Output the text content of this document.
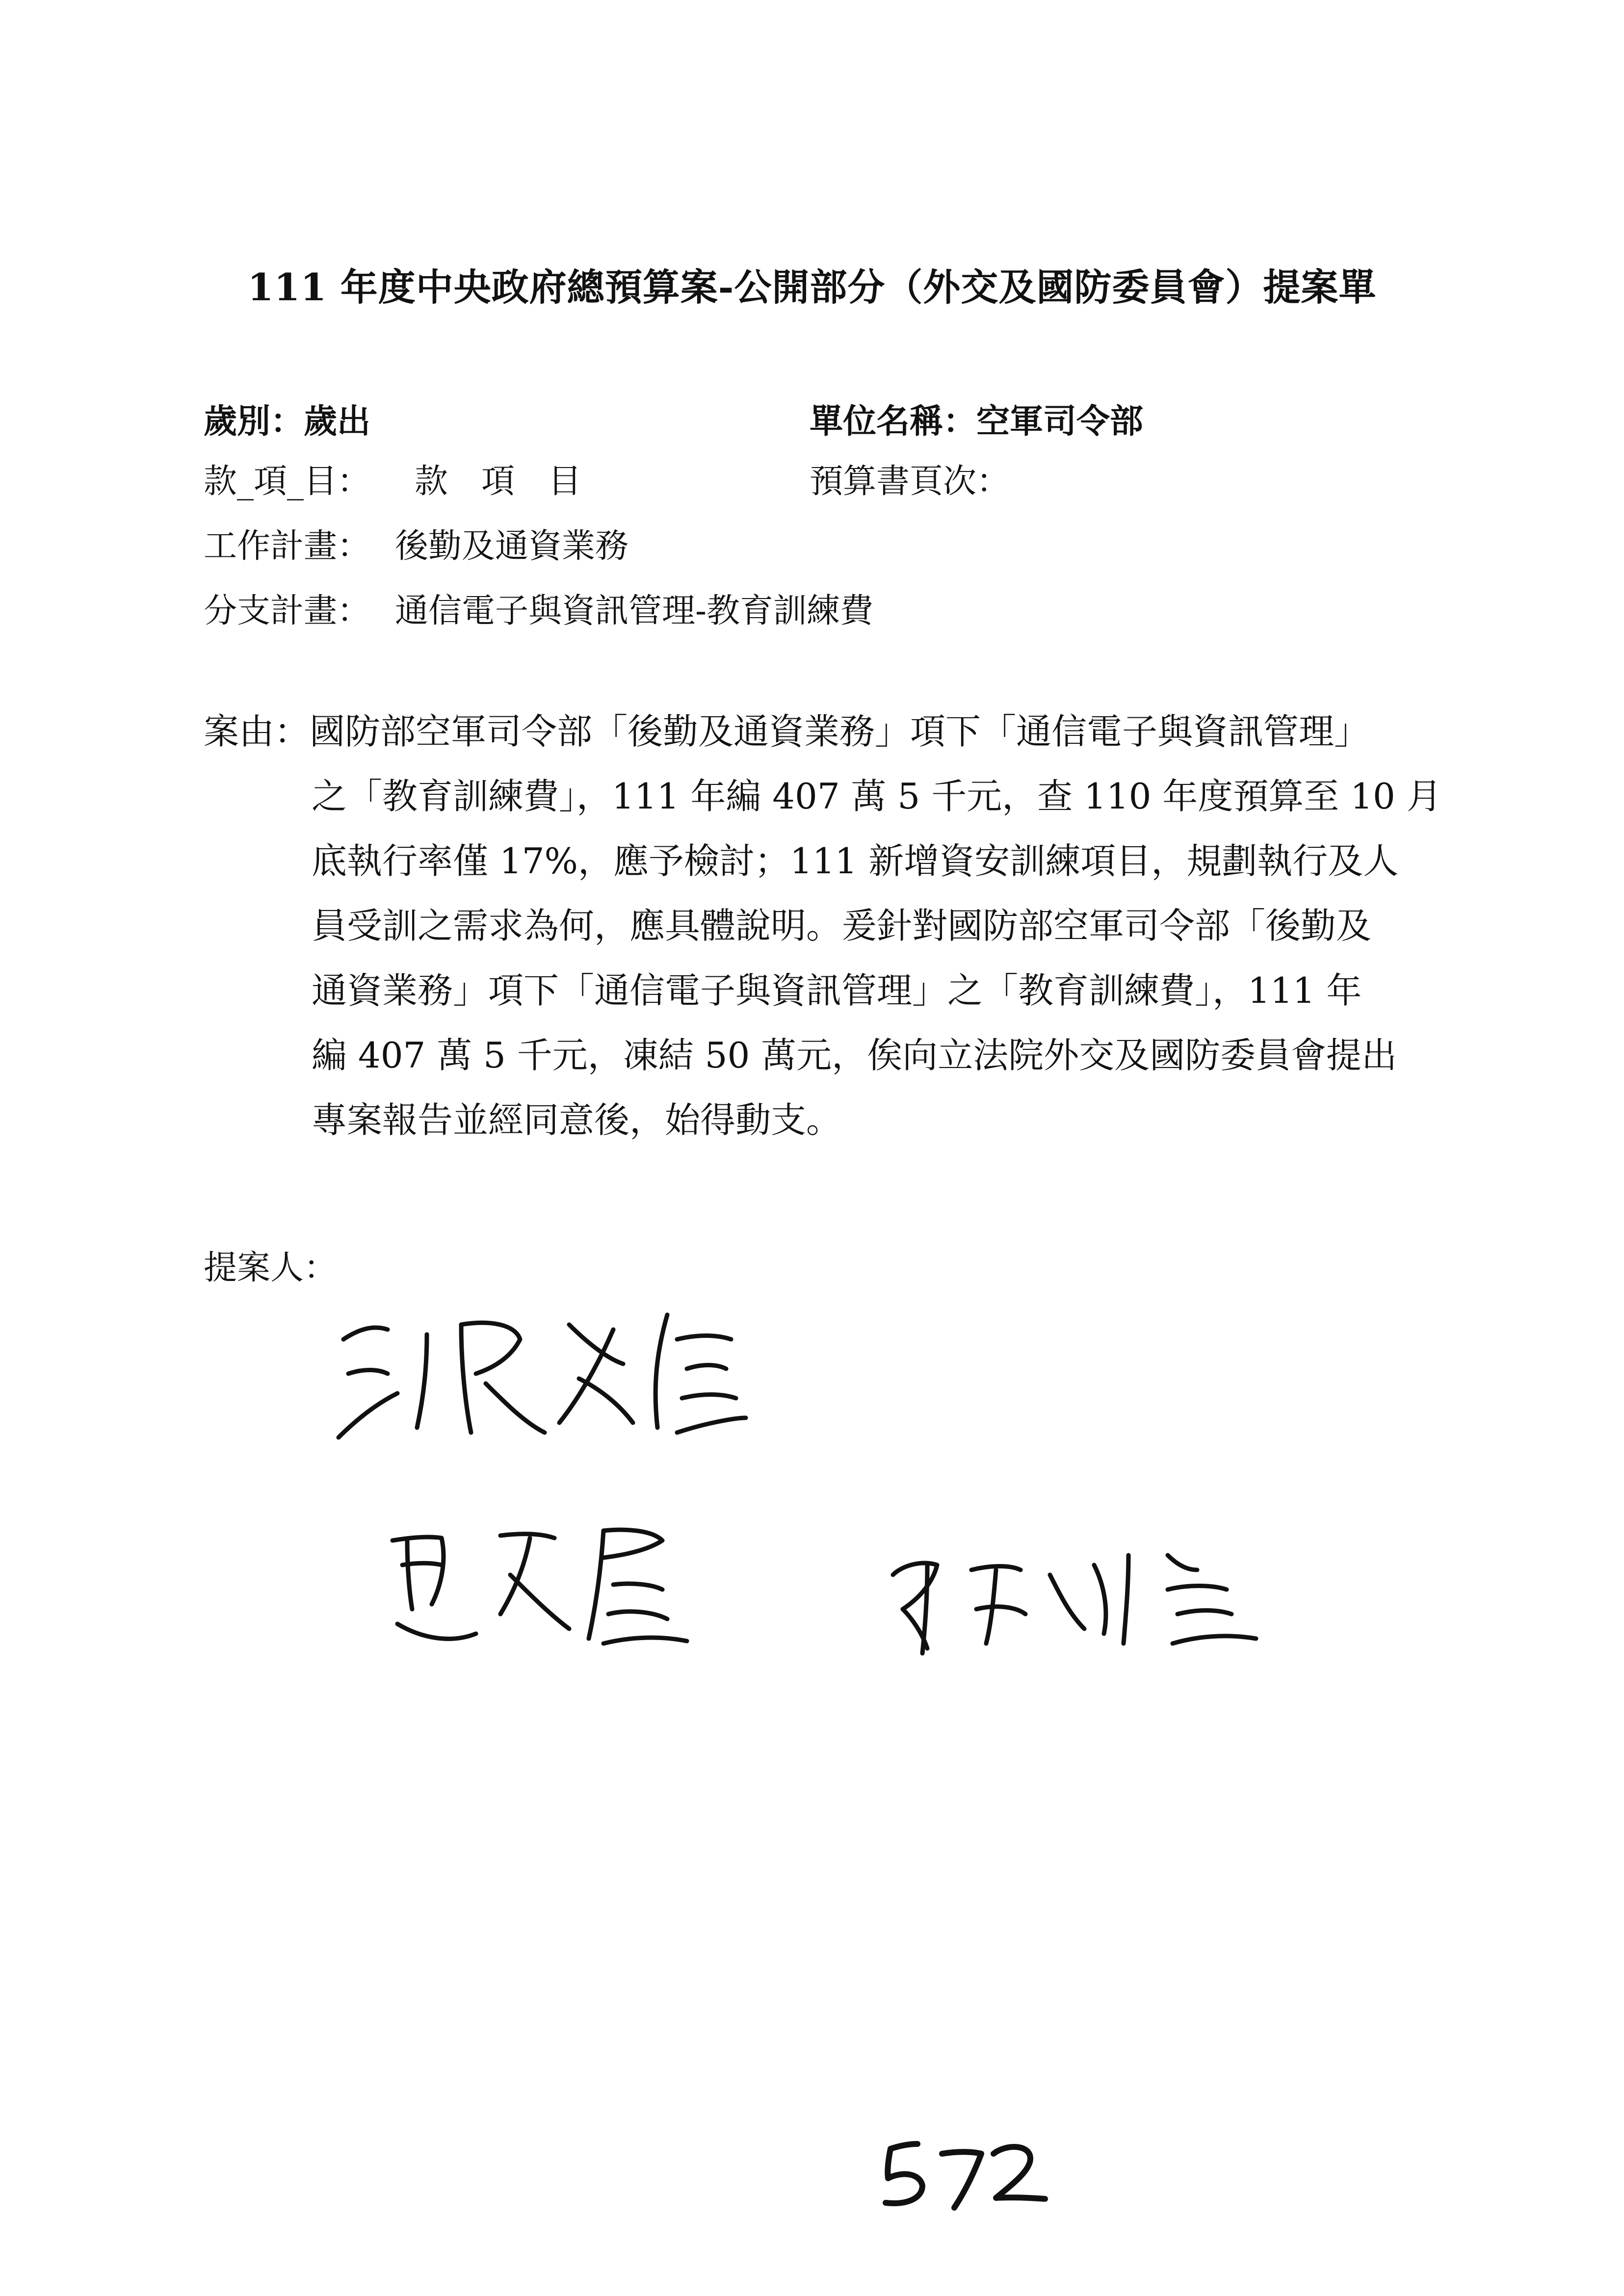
111 年度中央政府總預算案-公開部分（外交及國防委員會）提案單
歲別：歲出	單位名稱：空軍司令部
款_項_目： 款　項　目	預算書頁次：
工作計畫： 後勤及通資業務
分支計畫： 通信電子與資訊管理-教育訓練費
案由：國防部空軍司令部「後勤及通資業務」項下「通信電子與資訊管理」
之「教育訓練費」，111 年編 407 萬 5 千元，查 110 年度預算至 10 月
底執行率僅 17%，應予檢討；111 新增資安訓練項目，規劃執行及人
員受訓之需求為何，應具體說明。爰針對國防部空軍司令部「後勤及
通資業務」項下「通信電子與資訊管理」之「教育訓練費」，111 年
編 407 萬 5 千元，凍結 50 萬元，俟向立法院外交及國防委員會提出
專案報告並經同意後，始得動支。
提案人：
